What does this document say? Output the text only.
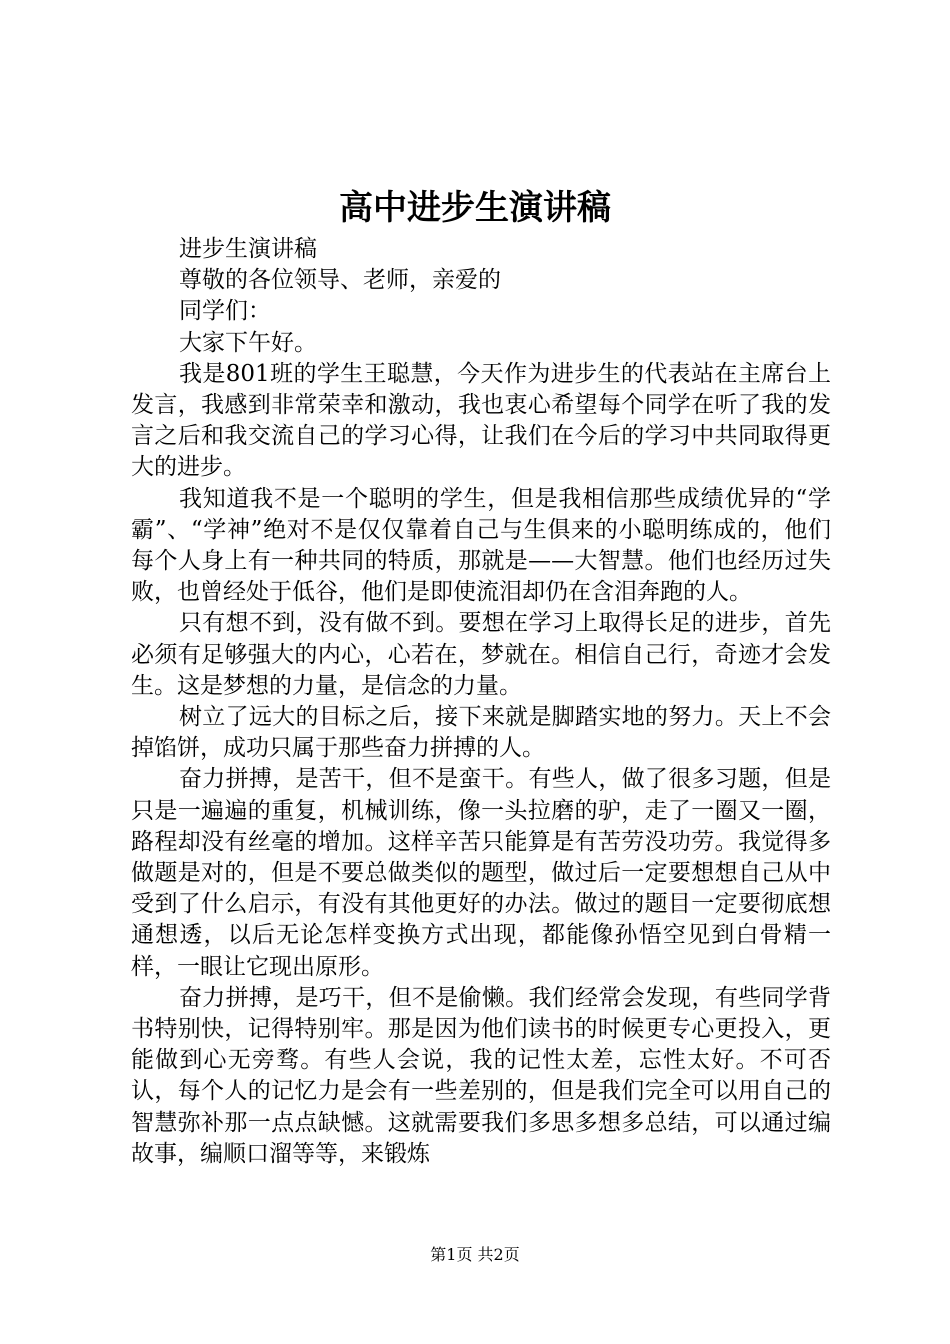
高中进步生演讲稿

进步生演讲稿

尊敬的各位领导、老师，亲爱的

同学们：

大家下午好。

我是801班的学生王聪慧，今天作为进步生的代表站在主席台上发言，我感到非常荣幸和激动，我也衷心希望每个同学在听了我的发言之后和我交流自己的学习心得，让我们在今后的学习中共同取得更大的进步。

我知道我不是一个聪明的学生，但是我相信那些成绩优异的“学霸”、“学神”绝对不是仅仅靠着自己与生俱来的小聪明练成的，他们每个人身上有一种共同的特质，那就是——大智慧。他们也经历过失败，也曾经处于低谷，他们是即使流泪却仍在含泪奔跑的人。

只有想不到，没有做不到。要想在学习上取得长足的进步，首先必须有足够强大的内心，心若在，梦就在。相信自己行，奇迹才会发生。这是梦想的力量，是信念的力量。

树立了远大的目标之后，接下来就是脚踏实地的努力。天上不会掉馅饼，成功只属于那些奋力拼搏的人。

奋力拼搏，是苦干，但不是蛮干。有些人，做了很多习题，但是只是一遍遍的重复，机械训练，像一头拉磨的驴，走了一圈又一圈，路程却没有丝毫的增加。这样辛苦只能算是有苦劳没功劳。我觉得多做题是对的，但是不要总做类似的题型，做过后一定要想想自己从中受到了什么启示，有没有其他更好的办法。做过的题目一定要彻底想通想透，以后无论怎样变换方式出现，都能像孙悟空见到白骨精一样，一眼让它现出原形。

奋力拼搏，是巧干，但不是偷懒。我们经常会发现，有些同学背书特别快，记得特别牢。那是因为他们读书的时候更专心更投入，更能做到心无旁骛。有些人会说，我的记性太差，忘性太好。不可否认，每个人的记忆力是会有一些差别的，但是我们完全可以用自己的智慧弥补那一点点缺憾。这就需要我们多思多想多总结，可以通过编故事，编顺口溜等等，来锻炼

第1页 共2页
